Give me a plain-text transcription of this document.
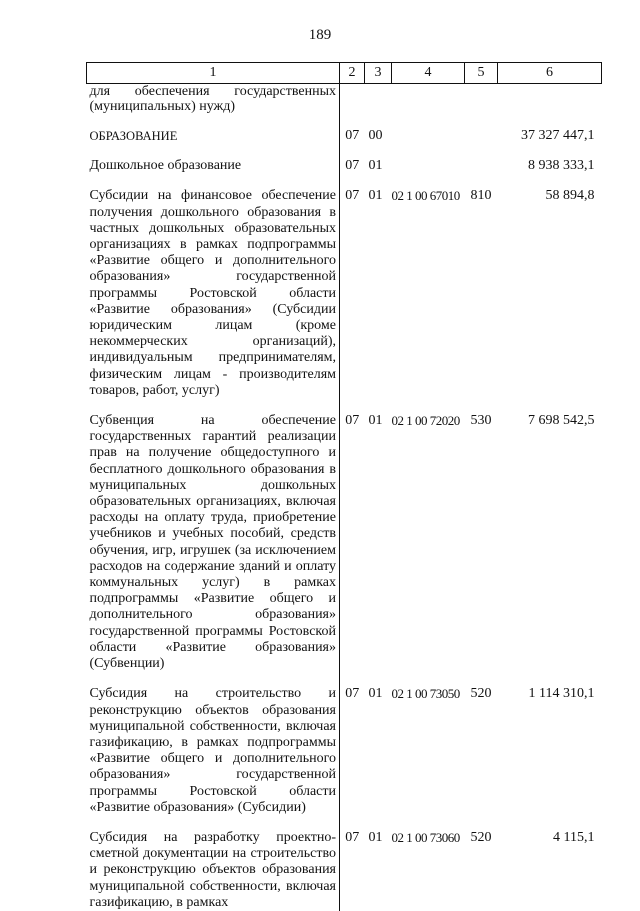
189
1	2	3	4	5	6
для обеспечения государственных (муниципальных) нужд)					

ОБРАЗОВАНИЕ	07	00			37 327 447,1

Дошкольное образование	07	01			8 938 333,1

Субсидии на финансовое обеспечение получения дошкольного образования в частных дошкольных образовательных организациях в рамках подпрограммы «Развитие общего и дополнительного образования» государственной программы Ростовской области «Развитие образования» (Субсидии юридическим лицам (кроме некоммерческих организаций), индивидуальным предпринимателям, физическим лицам - производителям товаров, работ, услуг)	07	01	02 1 00 67010	810	58 894,8

Субвенция на обеспечение государственных гарантий реализации прав на получение общедоступного и бесплатного дошкольного образования в муниципальных дошкольных образовательных организациях, включая расходы на оплату труда, приобретение учебников и учебных пособий, средств обучения, игр, игрушек (за исключением расходов на содержание зданий и оплату коммунальных услуг) в рамках подпрограммы «Развитие общего и дополнительного образования» государственной программы Ростовской области «Развитие образования» (Субвенции)	07	01	02 1 00 72020	530	7 698 542,5

Субсидия на строительство и реконструкцию объектов образования муниципальной собственности, включая газификацию, в рамках подпрограммы «Развитие общего и дополнительного образования» государственной программы Ростовской области «Развитие образования» (Субсидии)	07	01	02 1 00 73050	520	1 114 310,1

Субсидия на разработку проектно-сметной документации на строительство и реконструкцию объектов образования муниципальной собственности, включая газификацию, в рамках	07	01	02 1 00 73060	520	4 115,1
